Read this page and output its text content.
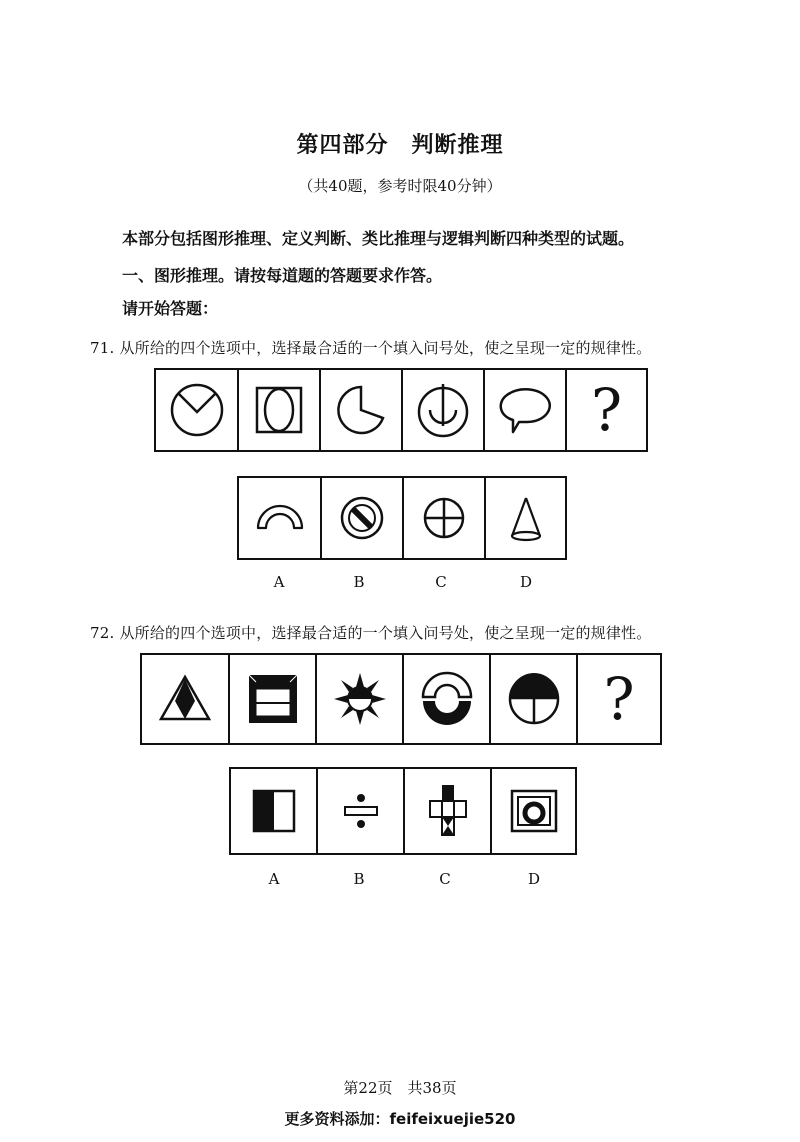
第四部分　判断推理
（共40题，参考时限40分钟）
本部分包括图形推理、定义判断、类比推理与逻辑判断四种类型的试题。
一、图形推理。请按每道题的答题要求作答。
请开始答题：
71. 从所给的四个选项中，选择最合适的一个填入问号处，使之呈现一定的规律性。
?
A	B	C	D
72. 从所给的四个选项中，选择最合适的一个填入问号处，使之呈现一定的规律性。
?
A	B	C	D
第22页　共38页
更多资料添加：feifeixuejie520
